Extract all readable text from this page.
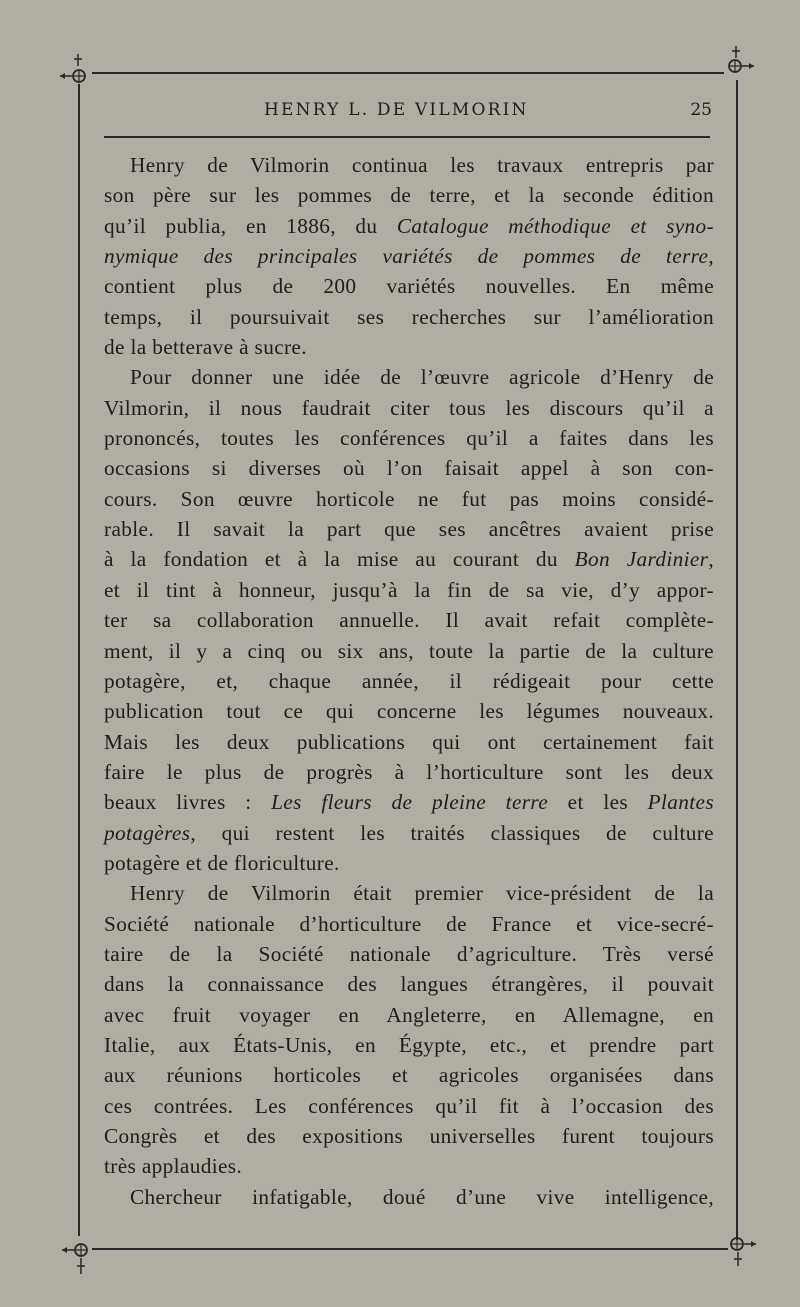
HENRY L. DE VILMORIN	25
Henry de Vilmorin continua les travaux entrepris par
son père sur les pommes de terre, et la seconde édition
qu’il publia, en 1886, du Catalogue méthodique et syno-
nymique des principales variétés de pommes de terre,
contient plus de 200 variétés nouvelles. En même
temps, il poursuivait ses recherches sur l’amélioration
de la betterave à sucre.
Pour donner une idée de l’œuvre agricole d’Henry de
Vilmorin, il nous faudrait citer tous les discours qu’il a
prononcés, toutes les conférences qu’il a faites dans les
occasions si diverses où l’on faisait appel à son con-
cours. Son œuvre horticole ne fut pas moins considé-
rable. Il savait la part que ses ancêtres avaient prise
à la fondation et à la mise au courant du Bon Jardinier,
et il tint à honneur, jusqu’à la fin de sa vie, d’y appor-
ter sa collaboration annuelle. Il avait refait complète-
ment, il y a cinq ou six ans, toute la partie de la culture
potagère, et, chaque année, il rédigeait pour cette
publication tout ce qui concerne les légumes nouveaux.
Mais les deux publications qui ont certainement fait
faire le plus de progrès à l’horticulture sont les deux
beaux livres : Les fleurs de pleine terre et les Plantes
potagères, qui restent les traités classiques de culture
potagère et de floriculture.
Henry de Vilmorin était premier vice-président de la
Société nationale d’horticulture de France et vice-secré-
taire de la Société nationale d’agriculture. Très versé
dans la connaissance des langues étrangères, il pouvait
avec fruit voyager en Angleterre, en Allemagne, en
Italie, aux États-Unis, en Égypte, etc., et prendre part
aux réunions horticoles et agricoles organisées dans
ces contrées. Les conférences qu’il fit à l’occasion des
Congrès et des expositions universelles furent toujours
très applaudies.
Chercheur infatigable, doué d’une vive intelligence,
